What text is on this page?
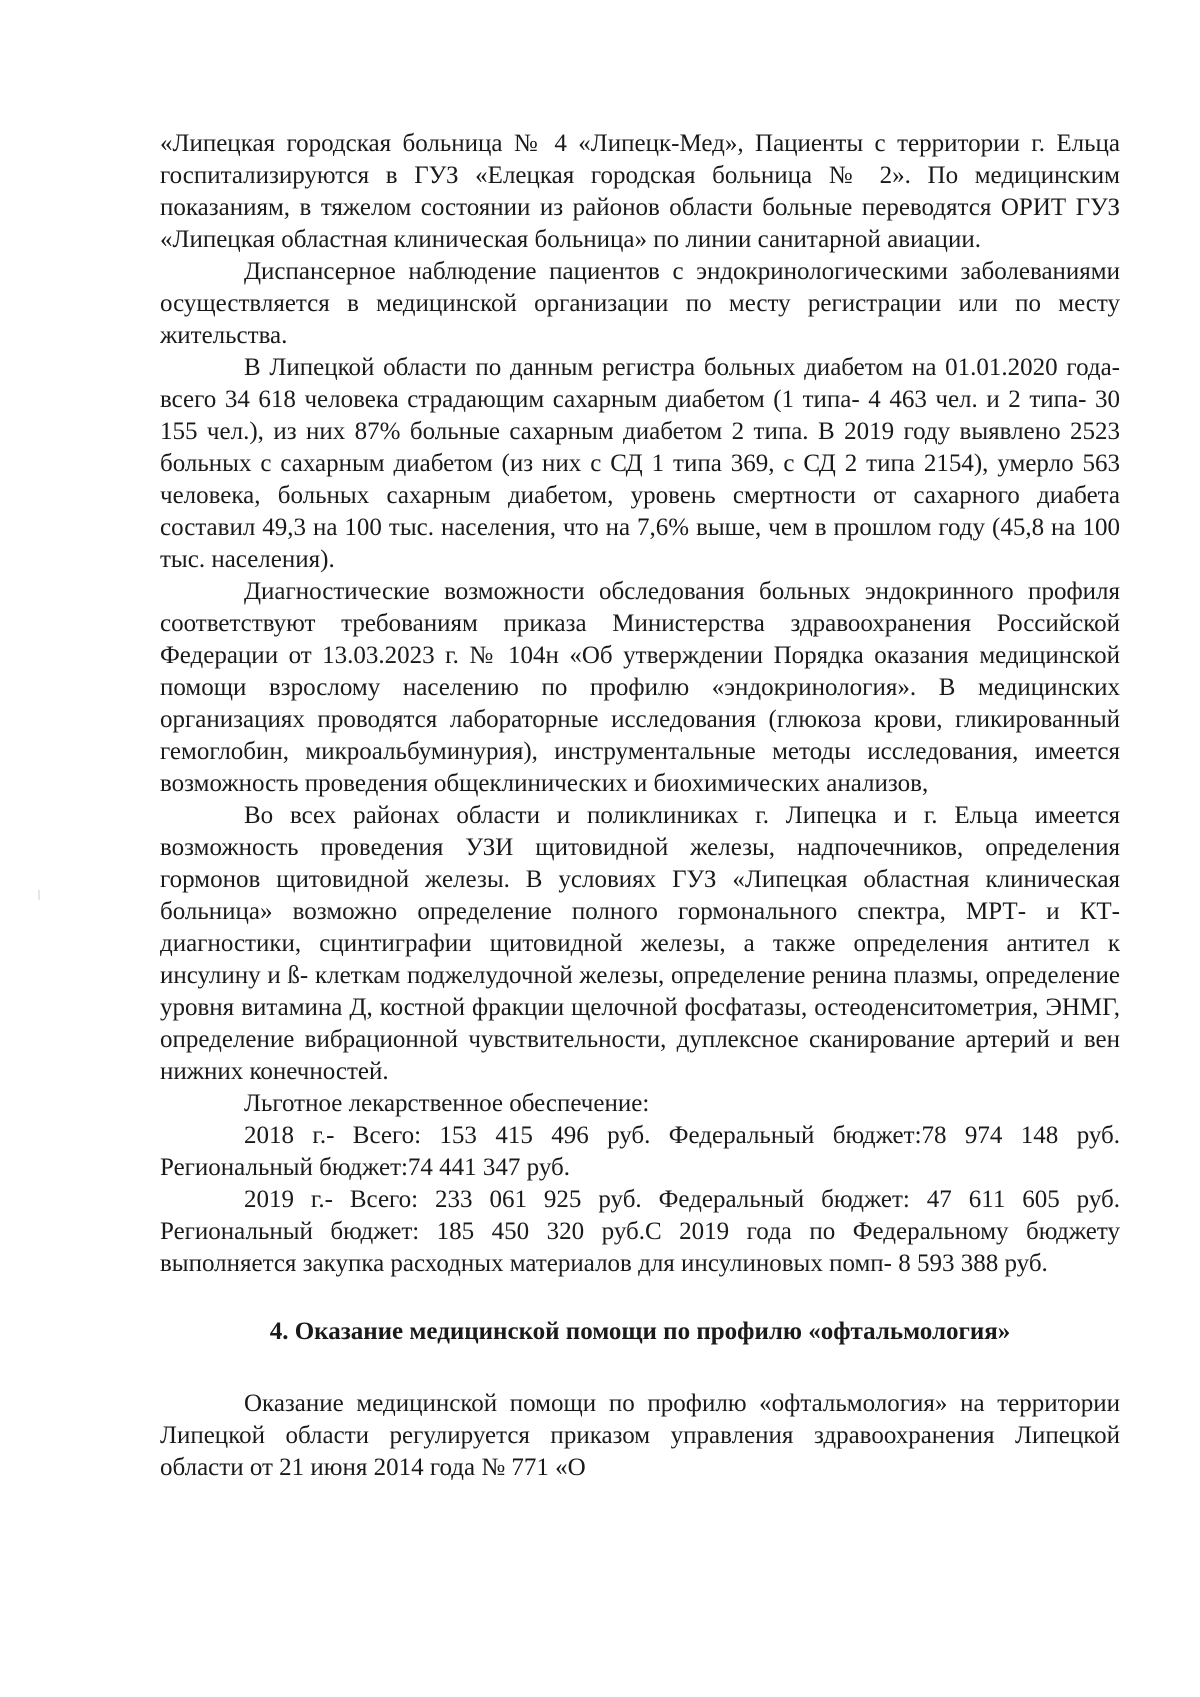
«Липецкая городская больница № 4 «Липецк-Мед», Пациенты с территории г. Ельца госпитализируются в ГУЗ «Елецкая городская больница № 2». По медицинским показаниям, в тяжелом состоянии из районов области больные переводятся ОРИТ ГУЗ «Липецкая областная клиническая больница» по линии санитарной авиации.

Диспансерное наблюдение пациентов с эндокринологическими заболеваниями осуществляется в медицинской организации по месту регистрации или по месту жительства.

В Липецкой области по данным регистра больных диабетом на 01.01.2020 года- всего 34 618 человека страдающим сахарным диабетом (1 типа- 4 463 чел. и 2 типа- 30 155 чел.), из них 87% больные сахарным диабетом 2 типа. В 2019 году выявлено 2523 больных с сахарным диабетом (из них с СД 1 типа 369, с СД 2 типа 2154), умерло 563 человека, больных сахарным диабетом, уровень смертности от сахарного диабета составил 49,3 на 100 тыс. населения, что на 7,6% выше, чем в прошлом году (45,8 на 100 тыс. населения).

Диагностические возможности обследования больных эндокринного профиля соответствуют требованиям приказа Министерства здравоохранения Российской Федерации от 13.03.2023 г. № 104н «Об утверждении Порядка оказания медицинской помощи взрослому населению по профилю «эндокринология». В медицинских организациях проводятся лабораторные исследования (глюкоза крови, гликированный гемоглобин, микроальбуминурия), инструментальные методы исследования, имеется возможность проведения общеклинических и биохимических анализов,

Во всех районах области и поликлиниках г. Липецка и г. Ельца имеется возможность проведения УЗИ щитовидной железы, надпочечников, определения гормонов щитовидной железы. В условиях ГУЗ «Липецкая областная клиническая больница» возможно определение полного гормонального спектра, МРТ- и КТ- диагностики, сцинтиграфии щитовидной железы, а также определения антител к инсулину и ß- клеткам поджелудочной железы, определение ренина плазмы, определение уровня витамина Д, костной фракции щелочной фосфатазы, остеоденситометрия, ЭНМГ, определение вибрационной чувствительности, дуплексное сканирование артерий и вен нижних конечностей.

Льготное лекарственное обеспечение:

2018 г.- Всего: 153 415 496 руб. Федеральный бюджет:78 974 148 руб. Региональный бюджет:74 441 347 руб.

2019 г.- Всего: 233 061 925 руб. Федеральный бюджет: 47 611 605 руб. Региональный бюджет: 185 450 320 руб.С 2019 года по Федеральному бюджету выполняется закупка расходных материалов для инсулиновых помп- 8 593 388 руб.

4. Оказание медицинской помощи по профилю «офтальмология»

Оказание медицинской помощи по профилю «офтальмология» на территории Липецкой области регулируется приказом управления здравоохранения Липецкой области от 21 июня 2014 года № 771 «О
